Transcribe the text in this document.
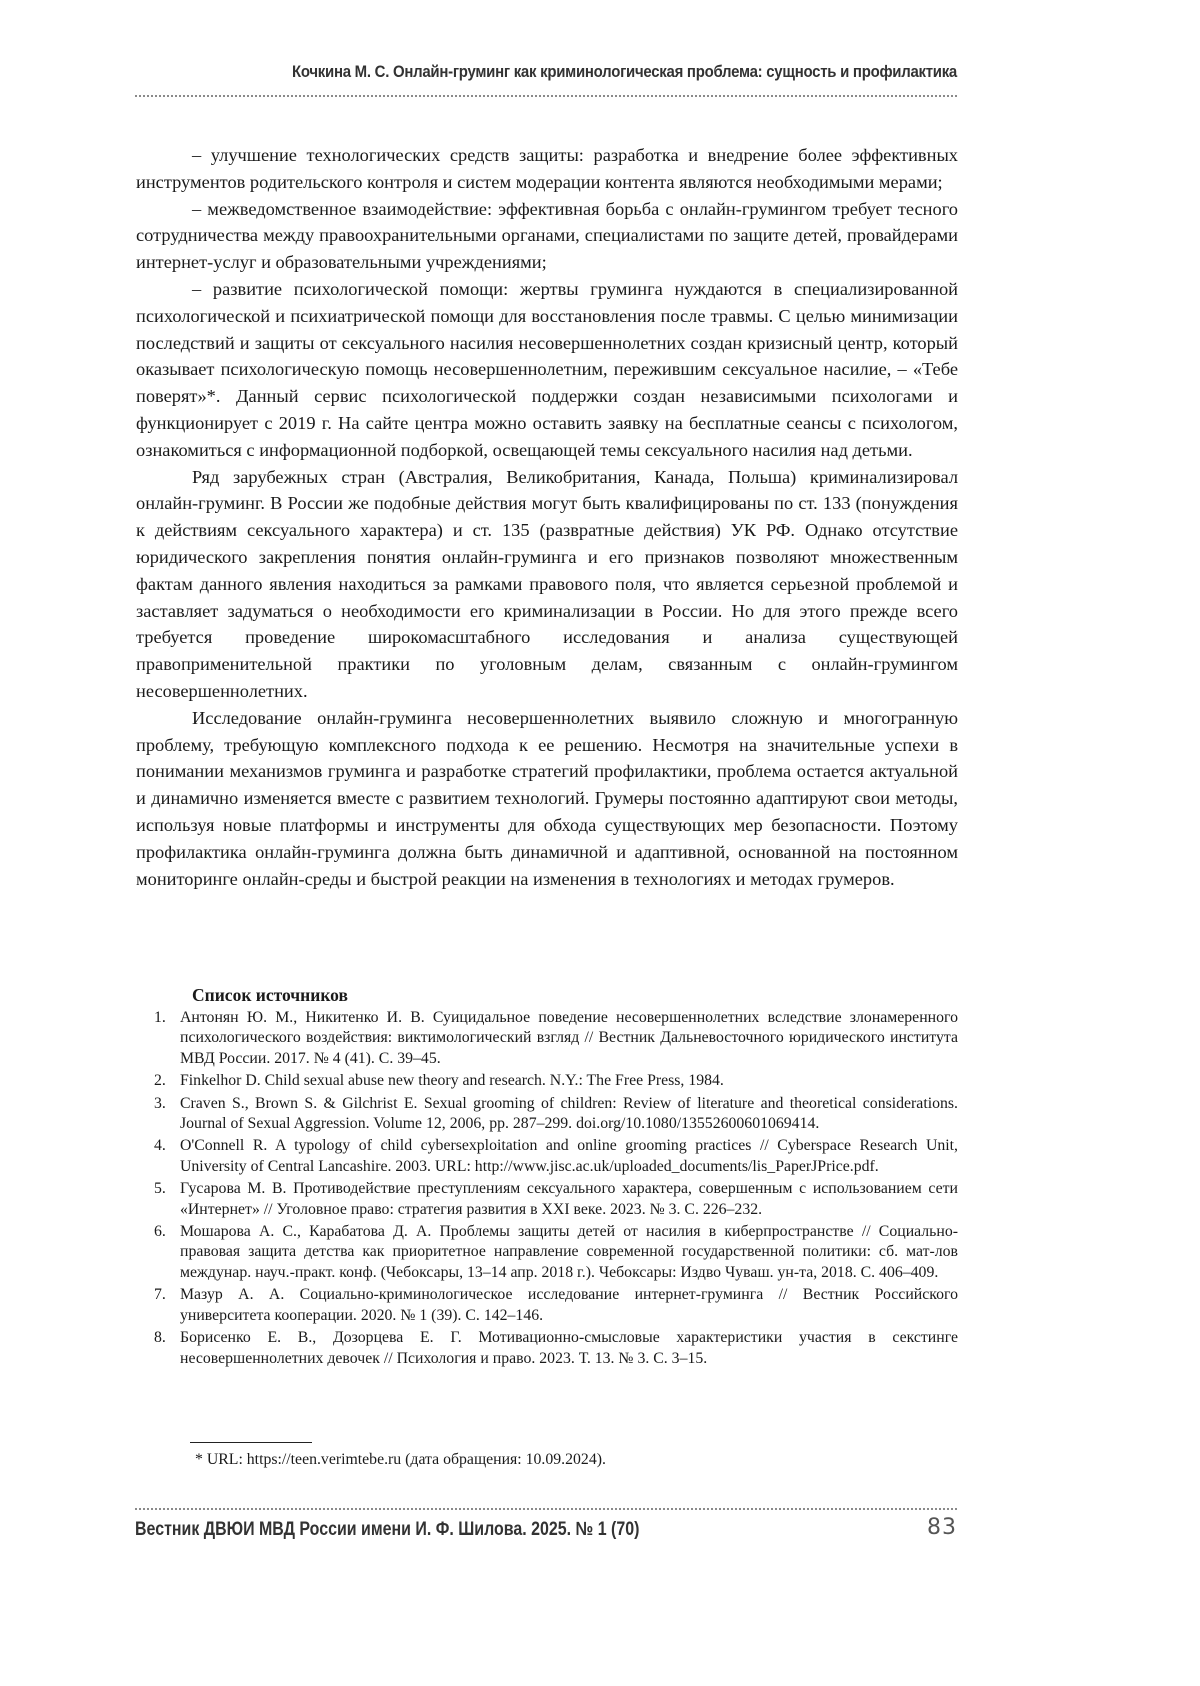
Кочкина М. С. Онлайн-груминг как криминологическая проблема: сущность и профилактика

– улучшение технологических средств защиты: разработка и внедрение более эффективных инструментов родительского контроля и систем модерации контента являются необходимыми мерами;

– межведомственное взаимодействие: эффективная борьба с онлайн-грумингом требует тесного сотрудничества между правоохранительными органами, специалистами по защите детей, провайдерами интернет-услуг и образовательными учреждениями;

– развитие психологической помощи: жертвы груминга нуждаются в специализированной психологической и психиатрической помощи для восстановления после травмы. С целью минимизации последствий и защиты от сексуального насилия несовершеннолетних создан кризисный центр, который оказывает психологическую помощь несовершеннолетним, пережившим сексуальное насилие, – «Тебе поверят»*. Данный сервис психологической поддержки создан независимыми психологами и функционирует с 2019 г. На сайте центра можно оставить заявку на бесплатные сеансы с психологом, ознакомиться с информационной подборкой, освещающей темы сексуального насилия над детьми.

Ряд зарубежных стран (Австралия, Великобритания, Канада, Польша) криминализировал онлайн-груминг. В России же подобные действия могут быть квалифицированы по ст. 133 (понуждения к действиям сексуального характера) и ст. 135 (развратные действия) УК РФ. Однако отсутствие юридического закрепления понятия онлайн-груминга и его признаков позволяют множественным фактам данного явления находиться за рамками правового поля, что является серьезной проблемой и заставляет задуматься о необходимости его криминализации в России. Но для этого прежде всего требуется проведение широкомасштабного исследования и анализа существующей правоприменительной практики по уголовным делам, связанным с онлайн-грумингом несовершеннолетних.

Исследование онлайн-груминга несовершеннолетних выявило сложную и многогранную проблему, требующую комплексного подхода к ее решению. Несмотря на значительные успехи в понимании механизмов груминга и разработке стратегий профилактики, проблема остается актуальной и динамично изменяется вместе с развитием технологий. Грумеры постоянно адаптируют свои методы, используя новые платформы и инструменты для обхода существующих мер безопасности. Поэтому профилактика онлайн-груминга должна быть динамичной и адаптивной, основанной на постоянном мониторинге онлайн-среды и быстрой реакции на изменения в технологиях и методах грумеров.

Список источников
1. Антонян Ю. М., Никитенко И. В. Суицидальное поведение несовершеннолетних вследствие злонамеренного психологического воздействия: виктимологический взгляд // Вестник Дальневосточного юридического института МВД России. 2017. № 4 (41). С. 39–45.
2. Finkelhor D. Child sexual abuse new theory and research. N.Y.: The Free Press, 1984.
3. Craven S., Brown S. & Gilchrist E. Sexual grooming of children: Review of literature and theoretical considerations. Journal of Sexual Aggression. Volume 12, 2006, pp. 287–299. doi.org/10.1080/13552600601069414.
4. O'Connell R. A typology of child cybersexploitation and online grooming practices // Cyberspace Research Unit, University of Central Lancashire. 2003. URL: http://www.jisc.ac.uk/uploaded_documents/lis_PaperJPrice.pdf.
5. Гусарова М. В. Противодействие преступлениям сексуального характера, совершенным с использованием сети «Интернет» // Уголовное право: стратегия развития в XXI веке. 2023. № 3. С. 226–232.
6. Мошарова А. С., Карабатова Д. А. Проблемы защиты детей от насилия в киберпространстве // Социально-правовая защита детства как приоритетное направление современной государственной политики: сб. мат-лов междунар. науч.-практ. конф. (Чебоксары, 13–14 апр. 2018 г.). Чебоксары: Издво Чуваш. ун-та, 2018. С. 406–409.
7. Мазур А. А. Социально-криминологическое исследование интернет-груминга // Вестник Российского университета кооперации. 2020. № 1 (39). С. 142–146.
8. Борисенко Е. В., Дозорцева Е. Г. Мотивационно-смысловые характеристики участия в секстинге несовершеннолетних девочек // Психология и право. 2023. Т. 13. № 3. С. 3–15.
* URL: https://teen.verimtebe.ru (дата обращения: 10.09.2024).
Вестник ДВЮИ МВД России имени И. Ф. Шилова. 2025. № 1 (70)	83
